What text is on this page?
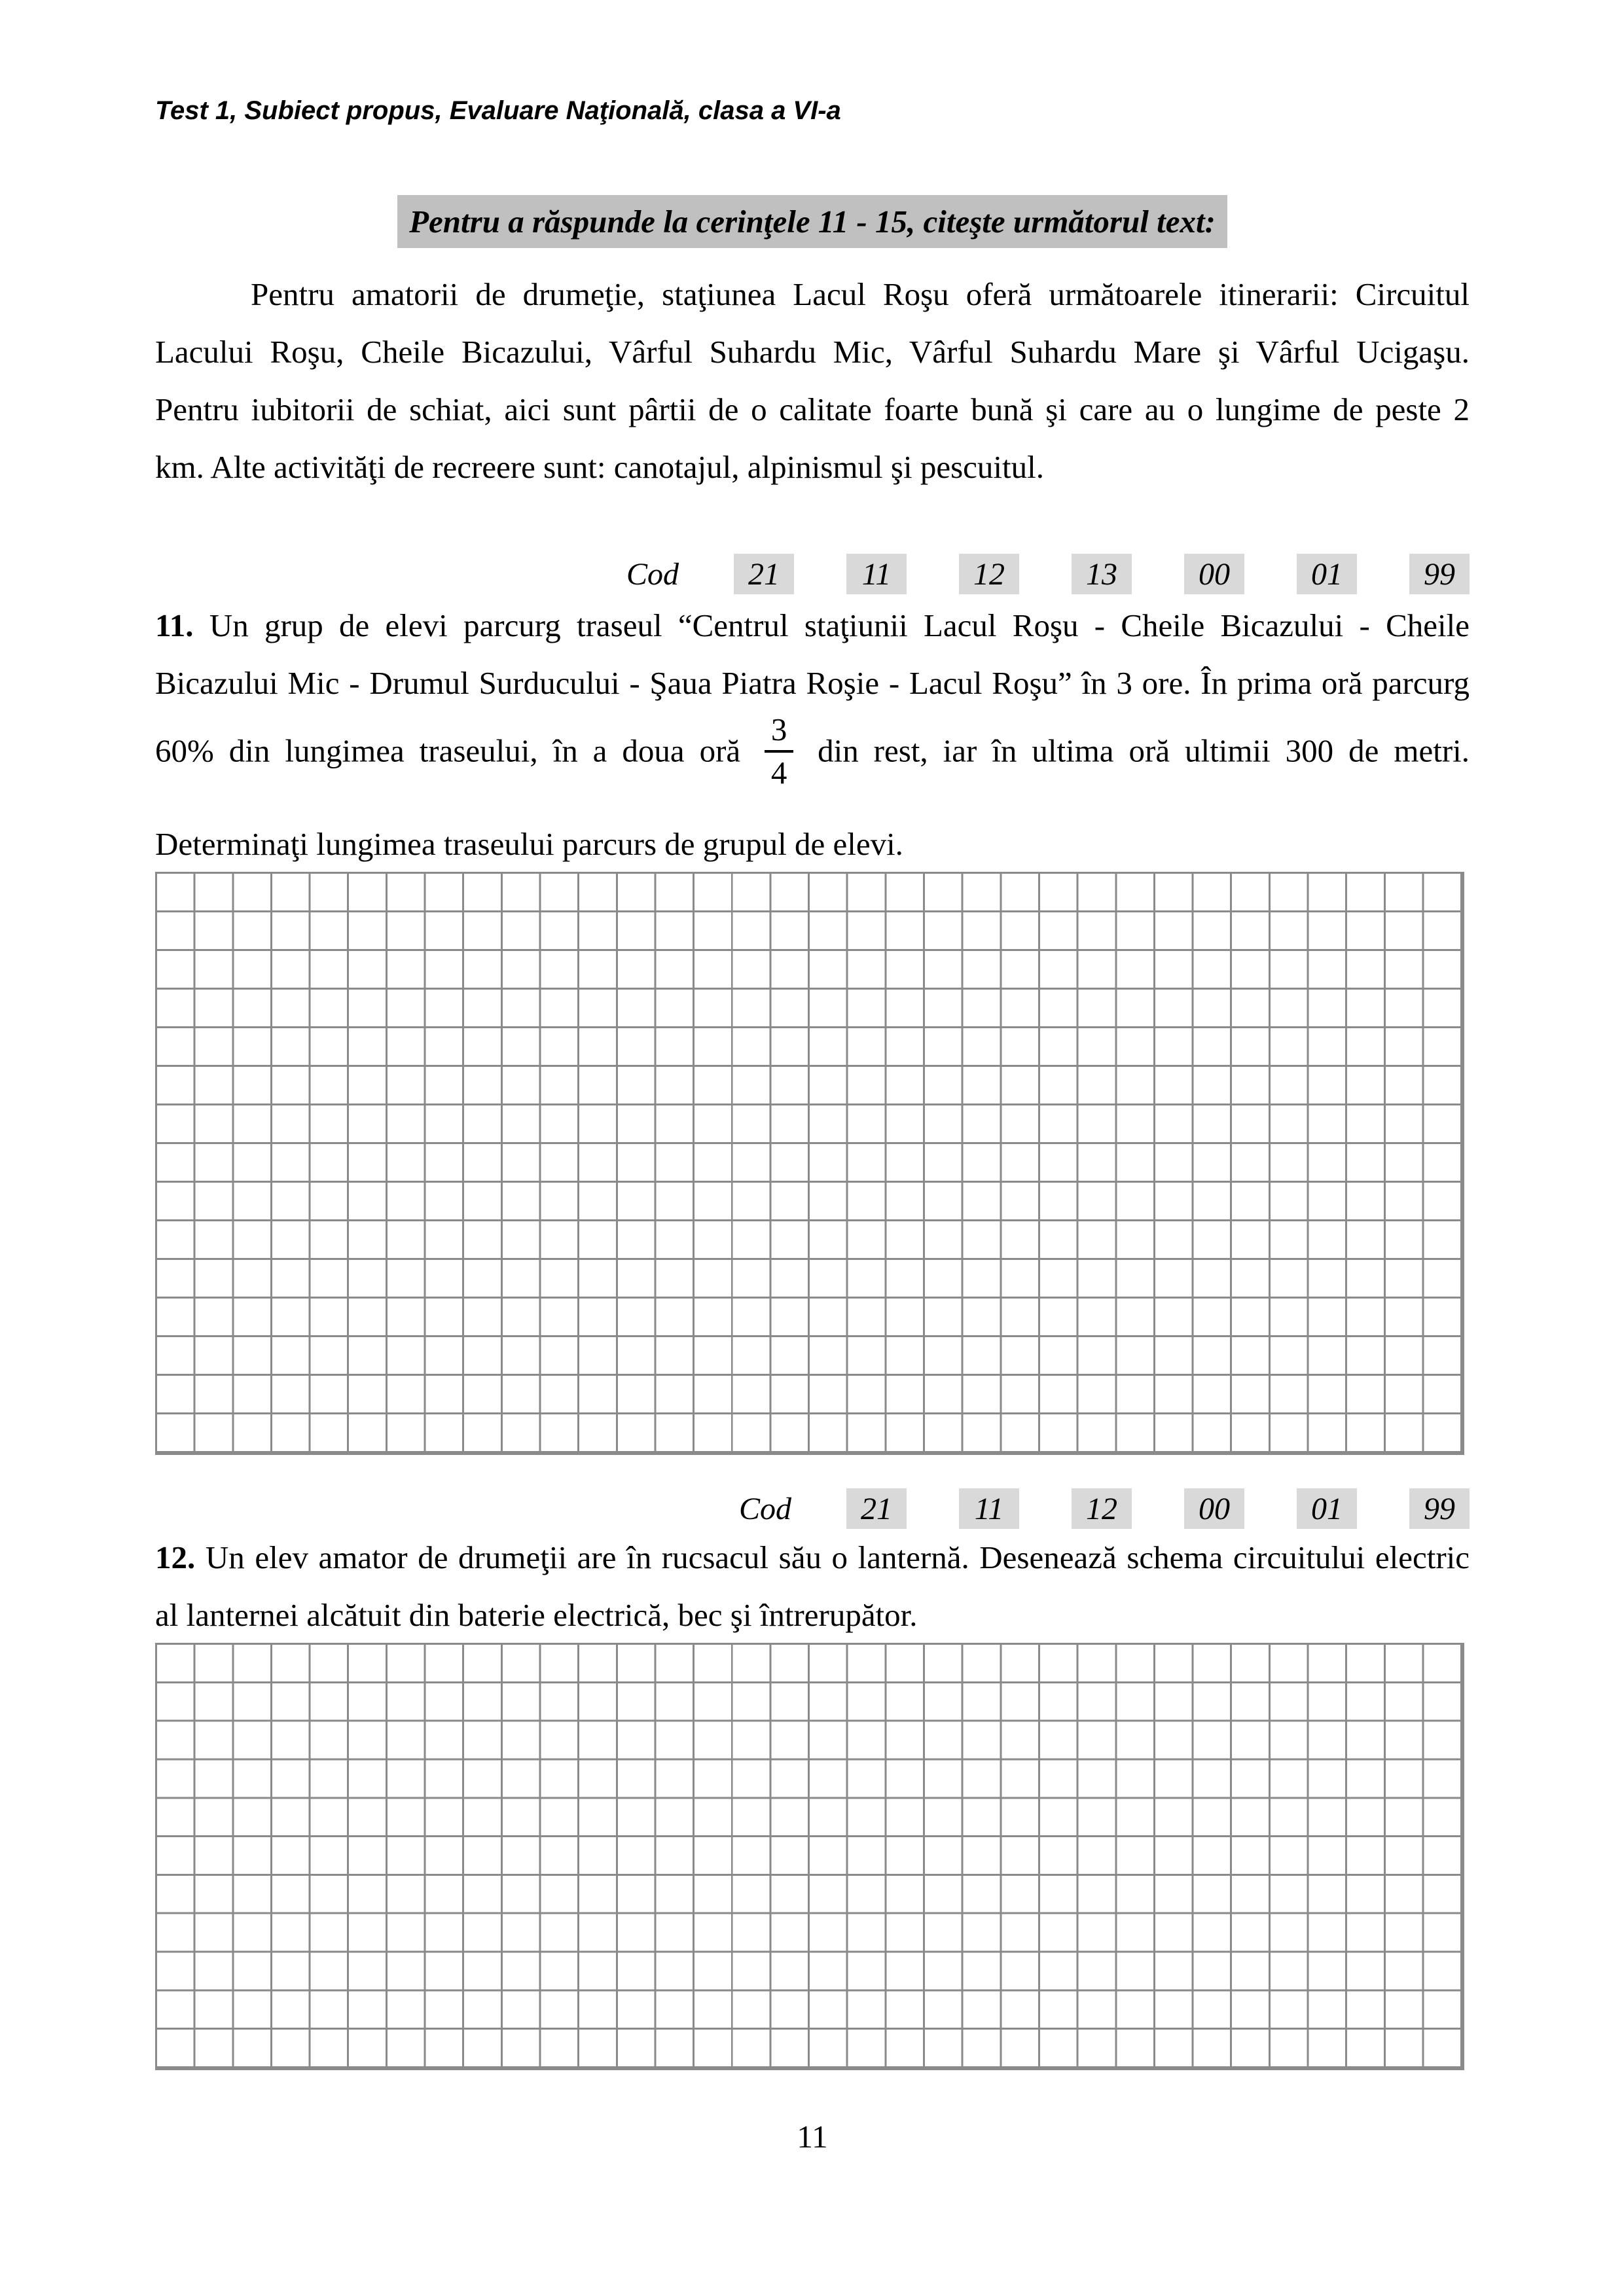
Test 1, Subiect propus, Evaluare Naţională, clasa a VI-a
Pentru a răspunde la cerinţele 11 - 15, citeşte următorul text:
Pentru amatorii de drumeţie, staţiunea Lacul Roşu oferă următoarele itinerarii: Circuitul
Lacului Roşu, Cheile Bicazului, Vârful Suhardu Mic, Vârful Suhardu Mare şi Vârful Ucigaşu.
Pentru iubitorii de schiat, aici sunt pârtii de o calitate foarte bună şi care au o lungime de peste 2
km. Alte activităţi de recreere sunt: canotajul, alpinismul şi pescuitul.
Cod	21	11	12	13	00	01	99
11. Un grup de elevi parcurg traseul “Centrul staţiunii Lacul Roşu - Cheile Bicazului - Cheile
Bicazului Mic - Drumul Surducului - Şaua Piatra Roşie - Lacul Roşu” în 3 ore. În prima oră parcurg
60% din lungimea traseului, în a doua oră $\frac{3}{4}$ din rest, iar în ultima oră ultimii 300 de metri.
Determinaţi lungimea traseului parcurs de grupul de elevi.
Cod	21	11	12	00	01	99
12. Un elev amator de drumeţii are în rucsacul său o lanternă. Desenează schema circuitului electric
al lanternei alcătuit din baterie electrică, bec şi întrerupător.
11
